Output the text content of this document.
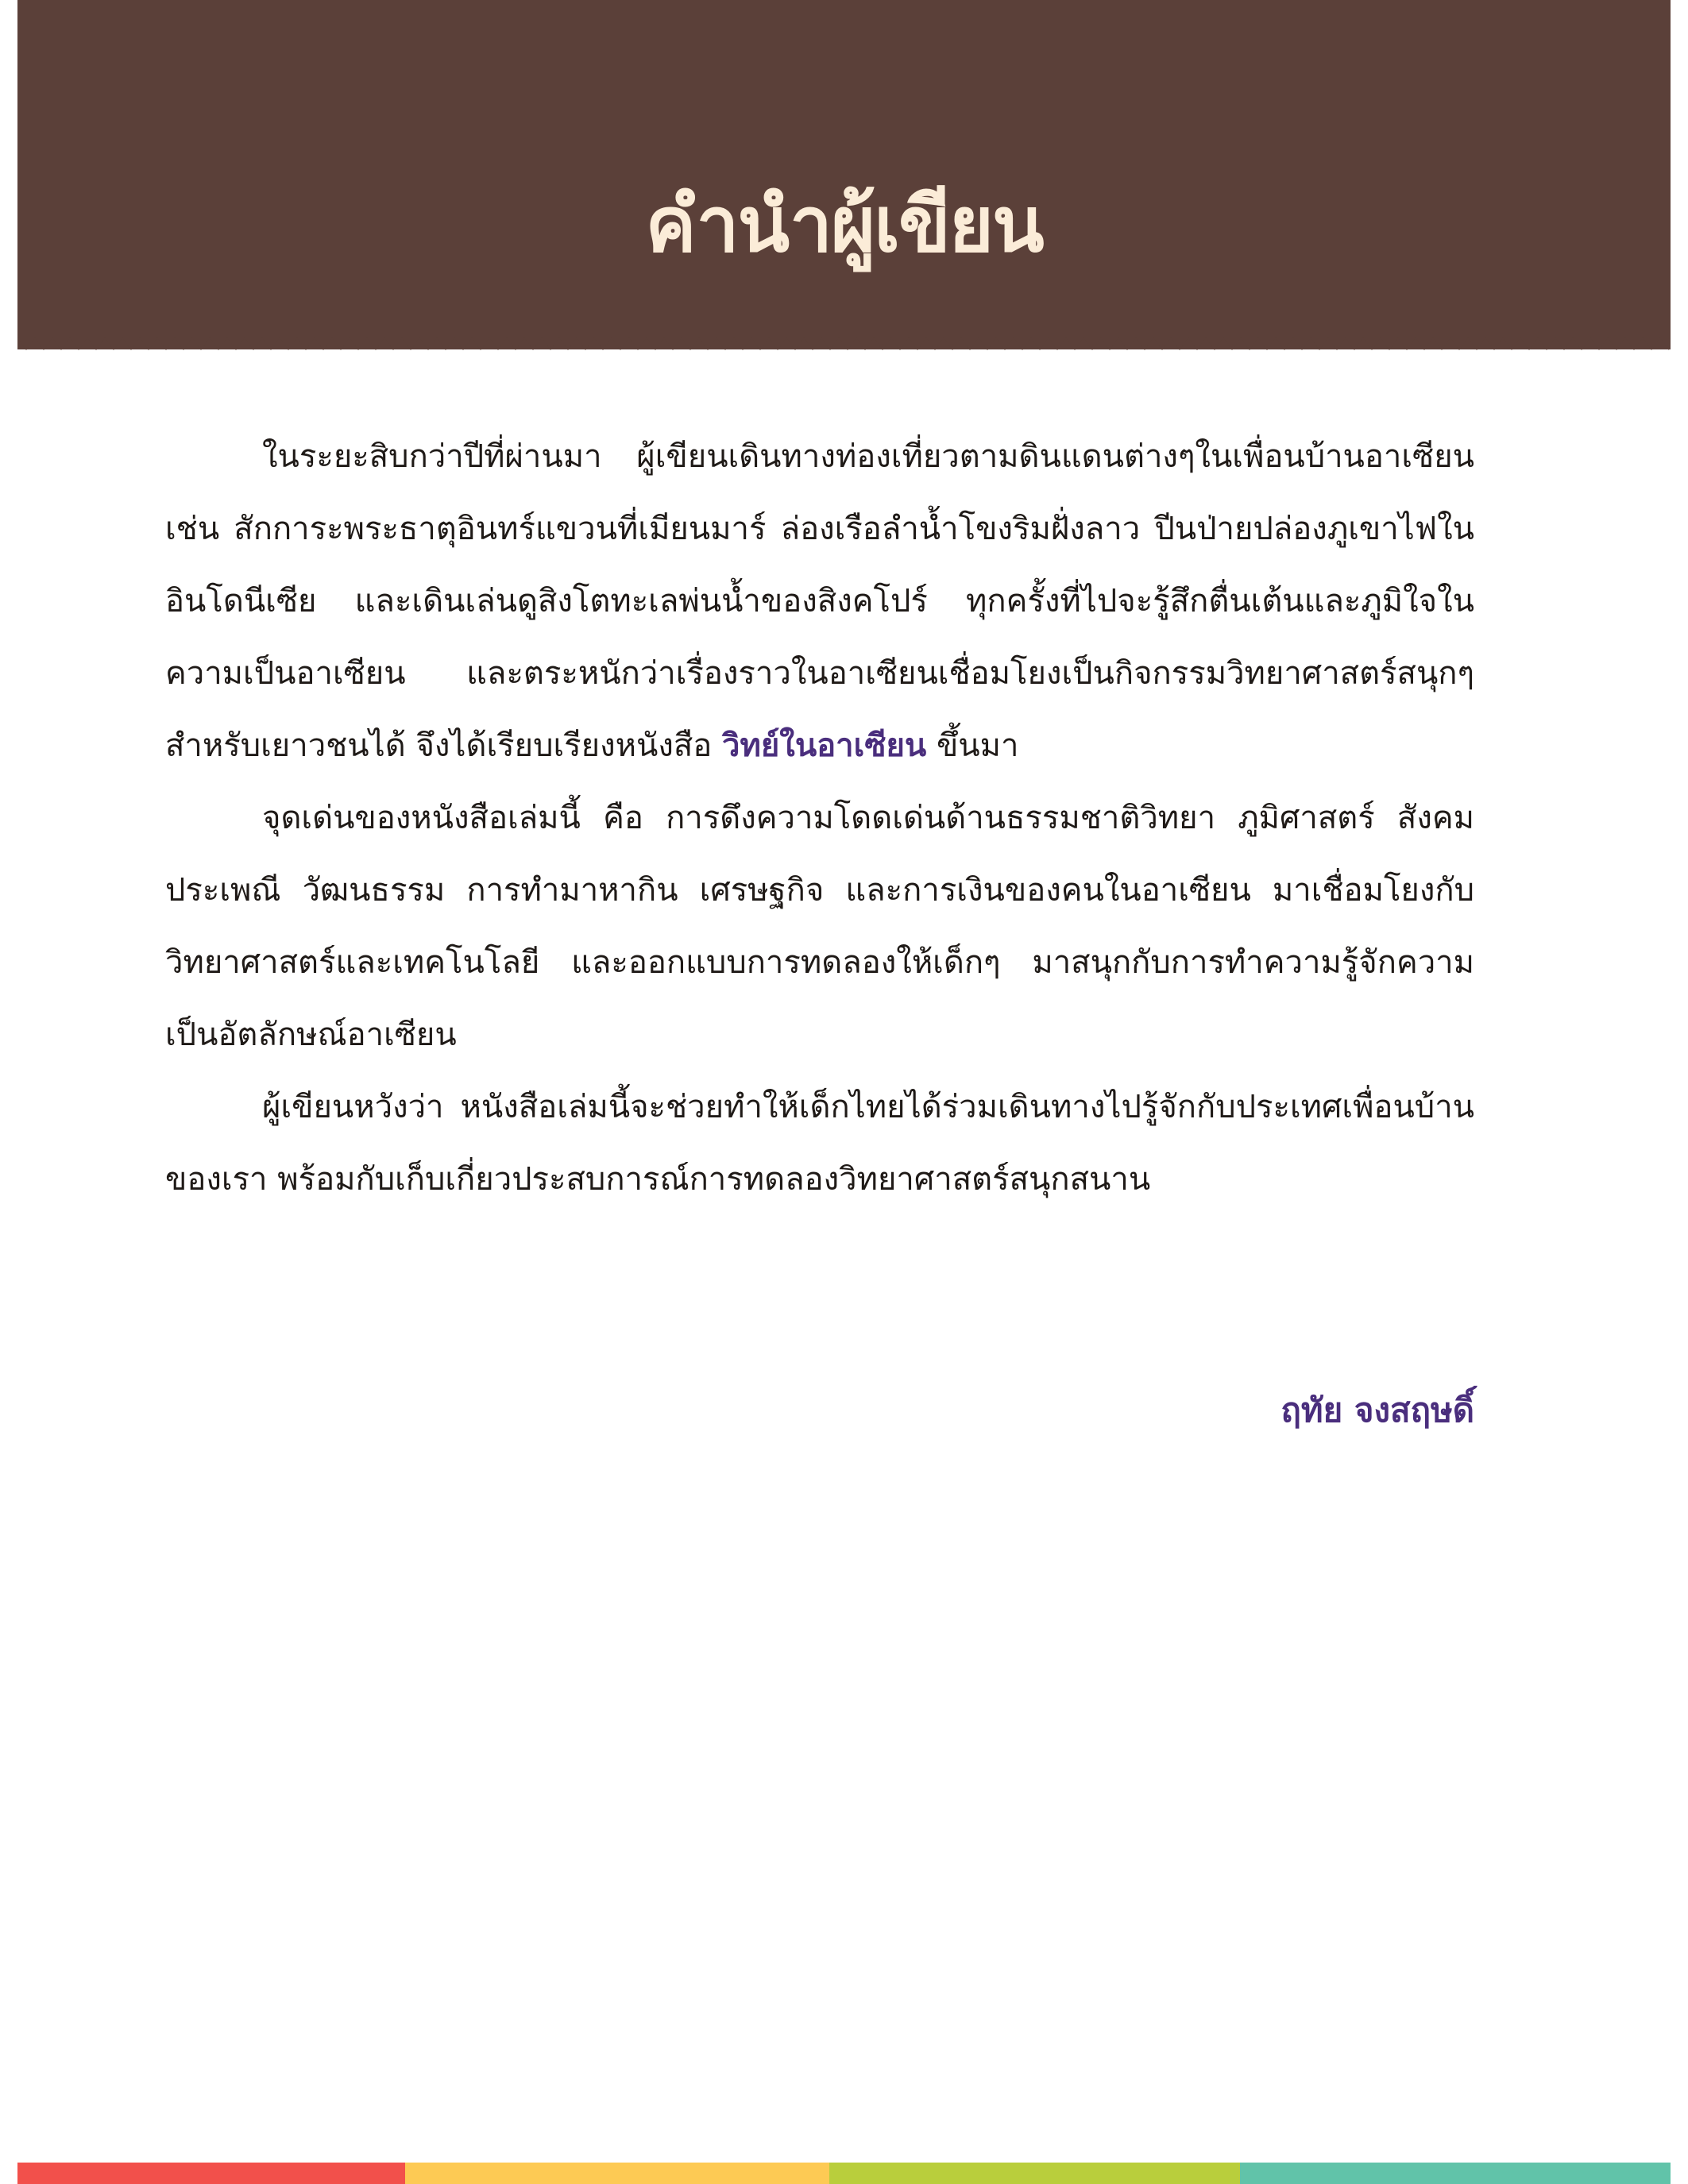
คำนำผู้เขียน

ในระยะสิบกว่าปีที่ผ่านมา ผู้เขียนเดินทางท่องเที่ยวตามดินแดนต่างๆในเพื่อนบ้านอาเซียน เช่น สักการะพระธาตุอินทร์แขวนที่เมียนมาร์ ล่องเรือลำน้ำโขงริมฝั่งลาว ปีนป่ายปล่องภูเขาไฟในอินโดนีเซีย และเดินเล่นดูสิงโตทะเลพ่นน้ำของสิงคโปร์ ทุกครั้งที่ไปจะรู้สึกตื่นเต้นและภูมิใจในความเป็นอาเซียน และตระหนักว่าเรื่องราวในอาเซียนเชื่อมโยงเป็นกิจกรรมวิทยาศาสตร์สนุกๆ สำหรับเยาวชนได้ จึงได้เรียบเรียงหนังสือ วิทย์ในอาเซียน ขึ้นมา

จุดเด่นของหนังสือเล่มนี้ คือ การดึงความโดดเด่นด้านธรรมชาติวิทยา ภูมิศาสตร์ สังคมประเพณี วัฒนธรรม การทำมาหากิน เศรษฐกิจ และการเงินของคนในอาเซียน มาเชื่อมโยงกับวิทยาศาสตร์และเทคโนโลยี และออกแบบการทดลองให้เด็กๆ มาสนุกกับการทำความรู้จักความเป็นอัตลักษณ์อาเซียน

ผู้เขียนหวังว่า หนังสือเล่มนี้จะช่วยทำให้เด็กไทยได้ร่วมเดินทางไปรู้จักกับประเทศเพื่อนบ้านของเรา พร้อมกับเก็บเกี่ยวประสบการณ์การทดลองวิทยาศาสตร์สนุกสนาน

ฤทัย จงสฤษดิ์
